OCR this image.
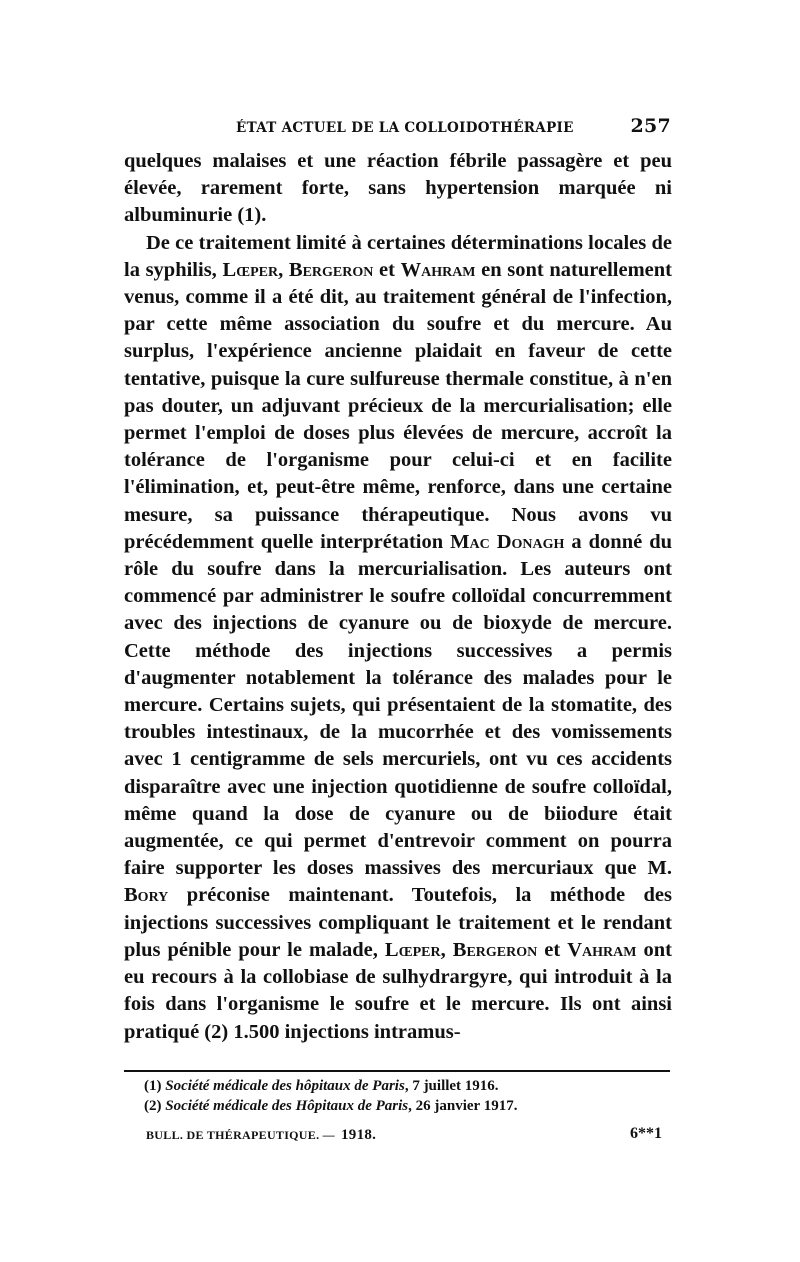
ÉTAT ACTUEL DE LA COLLOIDOTHÉRAPIE	257

quelques malaises et une réaction fébrile passagère et peu élevée, rarement forte, sans hypertension marquée ni albuminurie (1).

De ce traitement limité à certaines déterminations locales de la syphilis, Lœper, Bergeron et Wahram en sont naturellement venus, comme il a été dit, au traitement général de l'infection, par cette même association du soufre et du mercure. Au surplus, l'expérience ancienne plaidait en faveur de cette tentative, puisque la cure sulfureuse thermale constitue, à n'en pas douter, un adjuvant précieux de la mercurialisation; elle permet l'emploi de doses plus élevées de mercure, accroît la tolérance de l'organisme pour celui-ci et en facilite l'élimination, et, peut-être même, renforce, dans une certaine mesure, sa puissance thérapeutique. Nous avons vu précédemment quelle interprétation Mac Donagh a donné du rôle du soufre dans la mercurialisation. Les auteurs ont commencé par administrer le soufre colloïdal concurremment avec des injections de cyanure ou de bioxyde de mercure. Cette méthode des injections successives a permis d'augmenter notablement la tolérance des malades pour le mercure. Certains sujets, qui présentaient de la stomatite, des troubles intestinaux, de la mucorrhée et des vomissements avec 1 centigramme de sels mercuriels, ont vu ces accidents disparaître avec une injection quotidienne de soufre colloïdal, même quand la dose de cyanure ou de biiodure était augmentée, ce qui permet d'entrevoir comment on pourra faire supporter les doses massives des mercuriaux que M. Bory préconise maintenant. Toutefois, la méthode des injections successives compliquant le traitement et le rendant plus pénible pour le malade, Lœper, Bergeron et Vahram ont eu recours à la collobiase de sulhydrargyre, qui introduit à la fois dans l'organisme le soufre et le mercure. Ils ont ainsi pratiqué (2) 1.500 injections intramus-

(1) Société médicale des hôpitaux de Paris, 7 juillet 1916.
(2) Société médicale des Hôpitaux de Paris, 26 janvier 1917.
BULL. DE THÉRAPEUTIQUE. — 1918.	6**1
